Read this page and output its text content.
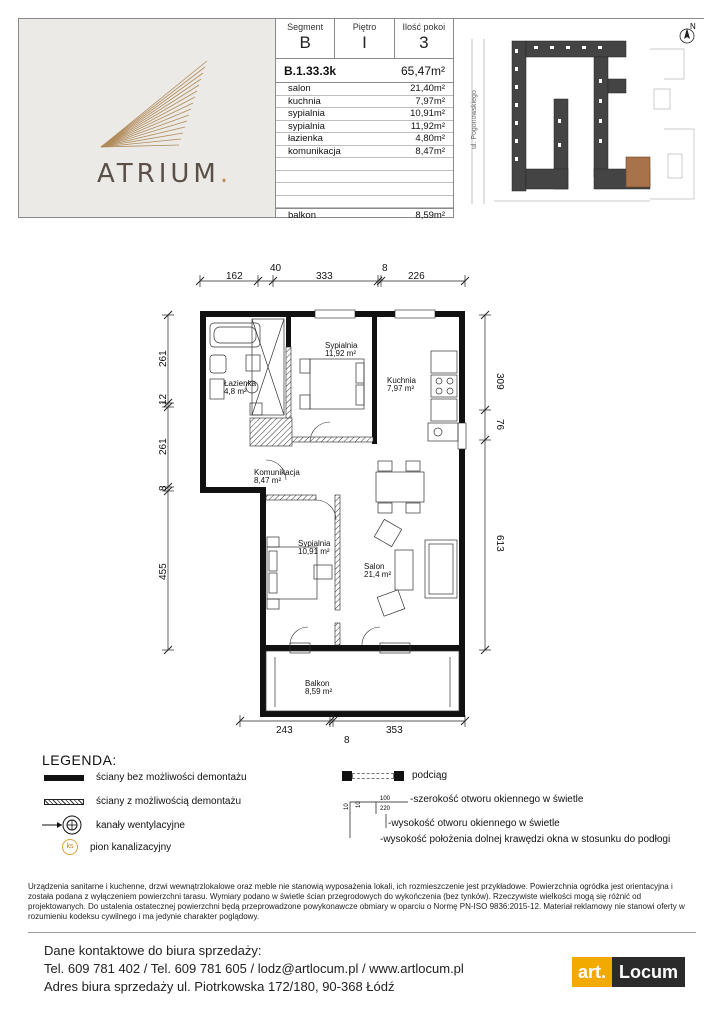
ATRIUM.
Segment
B
Piętro
I
Ilość pokoi
3
B.1.33.3k	65,47m²
salon	21,40m²
kuchnia	7,97m²
sypialnia	10,91m²
sypialnia	11,92m²
łazienka	4,80m²
komunikacja	8,47m²
balkon	8,59m²
ul. Pogonowskiego
N
162
40
333
8
226
243	353
8
261
12
261
8
455
309
76
613
Sypialnia
11,92 m²
Łazienka
4,8 m²
Kuchnia
7,97 m²
Komunikacja
8,47 m²
Sypialnia
10,91 m²
Salon
21,4 m²
Balkon
8,59 m²
LEGENDA:
ściany bez możliwości demontażu
ściany z możliwością demontażu
kanały wentylacyjne
ks	pion kanalizacyjny
podciąg
10 10
100
220
-szerokość otworu okiennego w świetle
-wysokość otworu okiennego w świetle
-wysokość położenia dolnej krawędzi okna w stosunku do podłogi
Urządzenia sanitarne i kuchenne, drzwi wewnątrzlokalowe oraz meble nie stanowią wyposażenia lokali, ich rozmieszczenie jest przykładowe. Powierzchnia ogródka jest orientacyjna i została podana z wyłączeniem powierzchni tarasu. Wymiary podano w świetle ścian przegrodowych do wykończenia (bez tynków). Rzeczywiste wielkości mogą się różnić od projektowanych. Do ustalenia ostatecznej powierzchni będą przeprowadzone powykonawcze obmiary w oparciu o Normę PN-ISO 9836:2015-12. Materiał reklamowy nie stanowi oferty w rozumieniu kodeksu cywilnego i ma jedynie charakter poglądowy.
Dane kontaktowe do biura sprzedaży:
Tel. 609 781 402 / Tel. 609 781 605 / lodz@artlocum.pl / www.artlocum.pl
Adres biura sprzedaży ul. Piotrkowska 172/180, 90-368 Łódź
art. Locum
